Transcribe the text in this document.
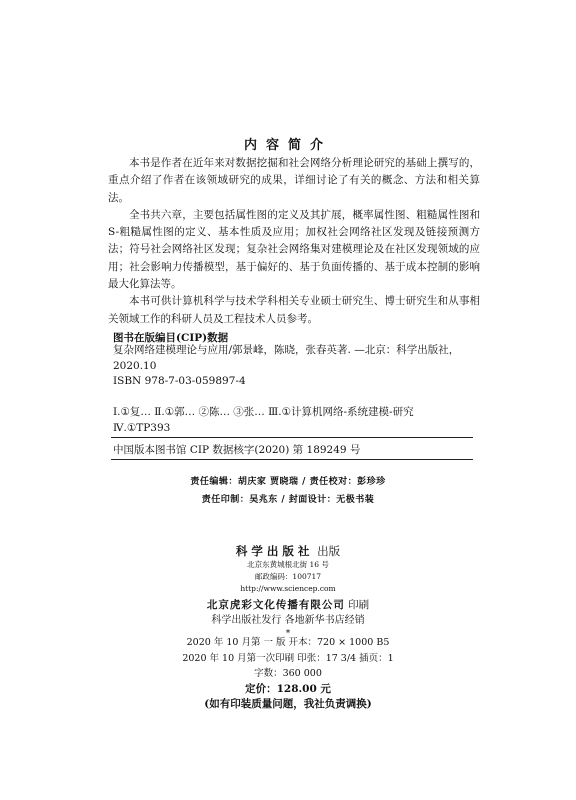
内容简介

本书是作者在近年来对数据挖掘和社会网络分析理论研究的基础上撰写的，重点介绍了作者在该领域研究的成果，详细讨论了有关的概念、方法和相关算法。

全书共六章，主要包括属性图的定义及其扩展，概率属性图、粗糙属性图和S-粗糙属性图的定义、基本性质及应用；加权社会网络社区发现及链接预测方法；符号社会网络社区发现；复杂社会网络集对建模理论及在社区发现领域的应用；社会影响力传播模型，基于偏好的、基于负面传播的、基于成本控制的影响最大化算法等。

本书可供计算机科学与技术学科相关专业硕士研究生、博士研究生和从事相关领域工作的科研人员及工程技术人员参考。

图书在版编目(CIP)数据
复杂网络建模理论与应用/郭景峰，陈晓，张春英著. —北京：科学出版社，
2020.10
ISBN 978-7-03-059897-4
Ⅰ.①复… Ⅱ.①郭… ②陈… ③张… Ⅲ.①计算机网络-系统建模-研究
Ⅳ.①TP393
中国版本图书馆 CIP 数据核字(2020) 第 189249 号
责任编辑：胡庆家 贾晓瑞 / 责任校对：彭珍珍
责任印制：吴兆东 / 封面设计：无极书装
科学出版社 出版
北京东黄城根北街 16 号
邮政编码：100717
http://www.sciencep.com
北京虎彩文化传播有限公司 印刷
科学出版社发行 各地新华书店经销
*
2020 年 10 月第 一 版 开本：720 × 1000 B5
2020 年 10 月第一次印刷 印张：17 3/4 插页：1
字数：360 000
定价：128.00 元
(如有印装质量问题，我社负责调换)
